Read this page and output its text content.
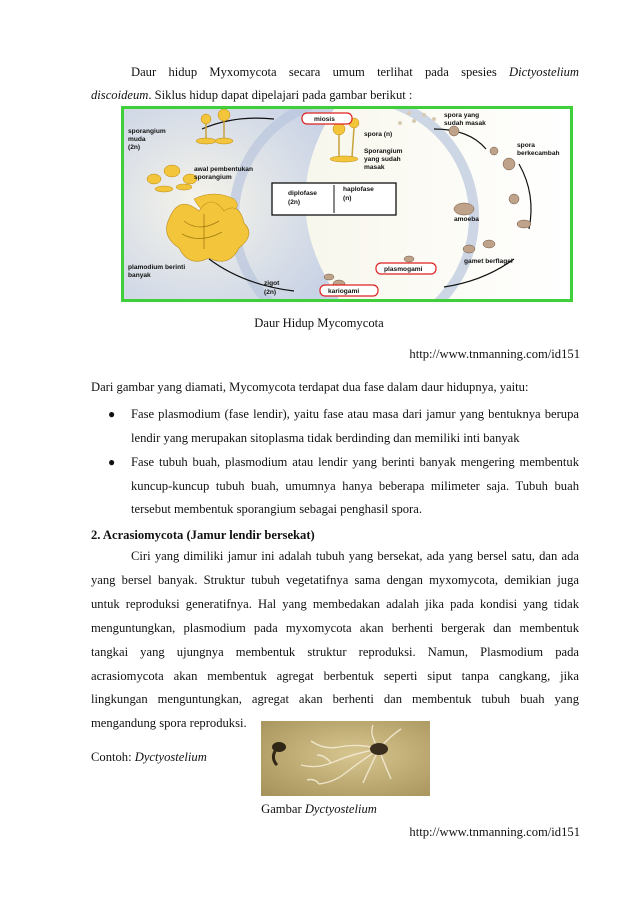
Daur hidup Myxomycota secara umum terlihat pada spesies Dictyostelium
discoideum. Siklus hidup dapat dipelajari pada gambar berikut :
miosis
diplofase
(2n)
haplofase
(n)
plasmogami
kariogami
spora (n)
spora yang
sudah masak
spora
berkecambah
sporangium
muda
(2n)
awal pembentukan
sporangium
Sporangium
yang sudah
masak
amoeba
plamodium berinti
banyak
gamet berflagel
zigot
(2n)
Daur Hidup Mycomycota
http://www.tnmanning.com/id151
Dari gambar yang diamati, Mycomycota terdapat dua fase dalam daur hidupnya, yaitu:
● Fase plasmodium (fase lendir), yaitu fase atau masa dari jamur yang bentuknya berupa
lendir yang merupakan sitoplasma tidak berdinding dan memiliki inti banyak
● Fase tubuh buah, plasmodium atau lendir yang berinti banyak mengering membentuk
kuncup-kuncup tubuh buah, umumnya hanya beberapa milimeter saja. Tubuh buah
tersebut membentuk sporangium sebagai penghasil spora.
2. Acrasiomycota (Jamur lendir bersekat)
Ciri yang dimiliki jamur ini adalah tubuh yang bersekat, ada yang bersel satu, dan ada
yang bersel banyak. Struktur tubuh vegetatifnya sama dengan myxomycota, demikian juga
untuk reproduksi generatifnya. Hal yang membedakan adalah jika pada kondisi yang tidak
menguntungkan, plasmodium pada myxomycota akan berhenti bergerak dan membentuk
tangkai yang ujungnya membentuk struktur reproduksi. Namun, Plasmodium pada
acrasiomycota akan membentuk agregat berbentuk seperti siput tanpa cangkang, jika
lingkungan menguntungkan, agregat akan berhenti dan membentuk tubuh buah yang
mengandung spora reproduksi.
Contoh: Dyctyostelium
Gambar Dyctyostelium
http://www.tnmanning.com/id151
